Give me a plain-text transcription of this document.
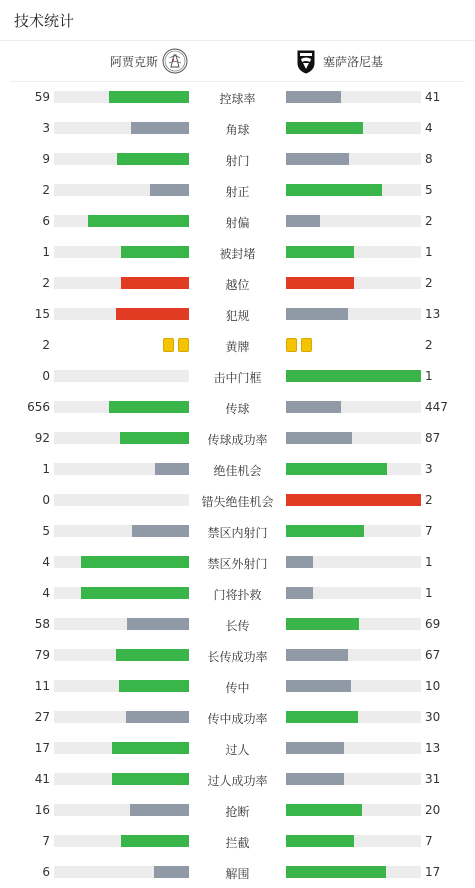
技术统计
阿贾克斯	塞萨洛尼基
59	控球率	41
3	角球	4
9	射门	8
2	射正	5
6	射偏	2
1	被封堵	1
2	越位	2
15	犯规	13
2	黄牌	2
0	击中门框	1
656	传球	447
92	传球成功率	87
1	绝佳机会	3
0	错失绝佳机会	2
5	禁区内射门	7
4	禁区外射门	1
4	门将扑救	1
58	长传	69
79	长传成功率	67
11	传中	10
27	传中成功率	30
17	过人	13
41	过人成功率	31
16	抢断	20
7	拦截	7
6	解围	17
